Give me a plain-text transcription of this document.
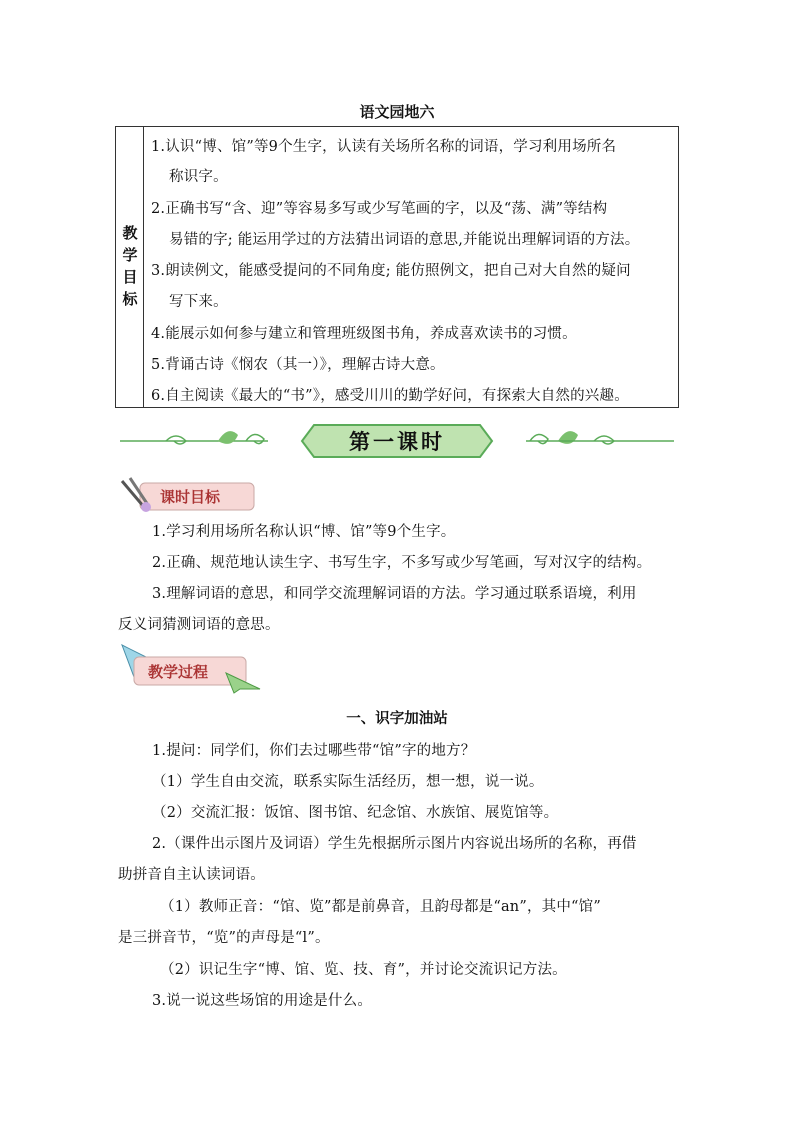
语文园地六
教学目标
1.认识“博、馆”等9个生字，认读有关场所名称的词语，学习利用场所名
称识字。
2.正确书写“含、迎”等容易多写或少写笔画的字，以及“荡、满”等结构
易错的字; 能运用学过的方法猜出词语的意思,并能说出理解词语的方法。
3.朗读例文，能感受提问的不同角度; 能仿照例文，把自己对大自然的疑问
写下来。
4.能展示如何参与建立和管理班级图书角，养成喜欢读书的习惯。
5.背诵古诗《悯农（其一）》，理解古诗大意。
6.自主阅读《最大的“书”》，感受川川的勤学好问，有探索大自然的兴趣。
第一课时
课时目标
1.学习利用场所名称认识“博、馆”等9个生字。
2.正确、规范地认读生字、书写生字，不多写或少写笔画，写对汉字的结构。
3.理解词语的意思，和同学交流理解词语的方法。学习通过联系语境，利用
反义词猜测词语的意思。
教学过程
一、识字加油站
1.提问：同学们，你们去过哪些带“馆”字的地方？
（1）学生自由交流，联系实际生活经历，想一想，说一说。
（2）交流汇报：饭馆、图书馆、纪念馆、水族馆、展览馆等。
2.（课件出示图片及词语）学生先根据所示图片内容说出场所的名称，再借
助拼音自主认读词语。
（1）教师正音：“馆、览”都是前鼻音，且韵母都是“an”，其中“馆”
是三拼音节，“览”的声母是“l”。
（2）识记生字“博、馆、览、技、育”，并讨论交流识记方法。
3.说一说这些场馆的用途是什么。
